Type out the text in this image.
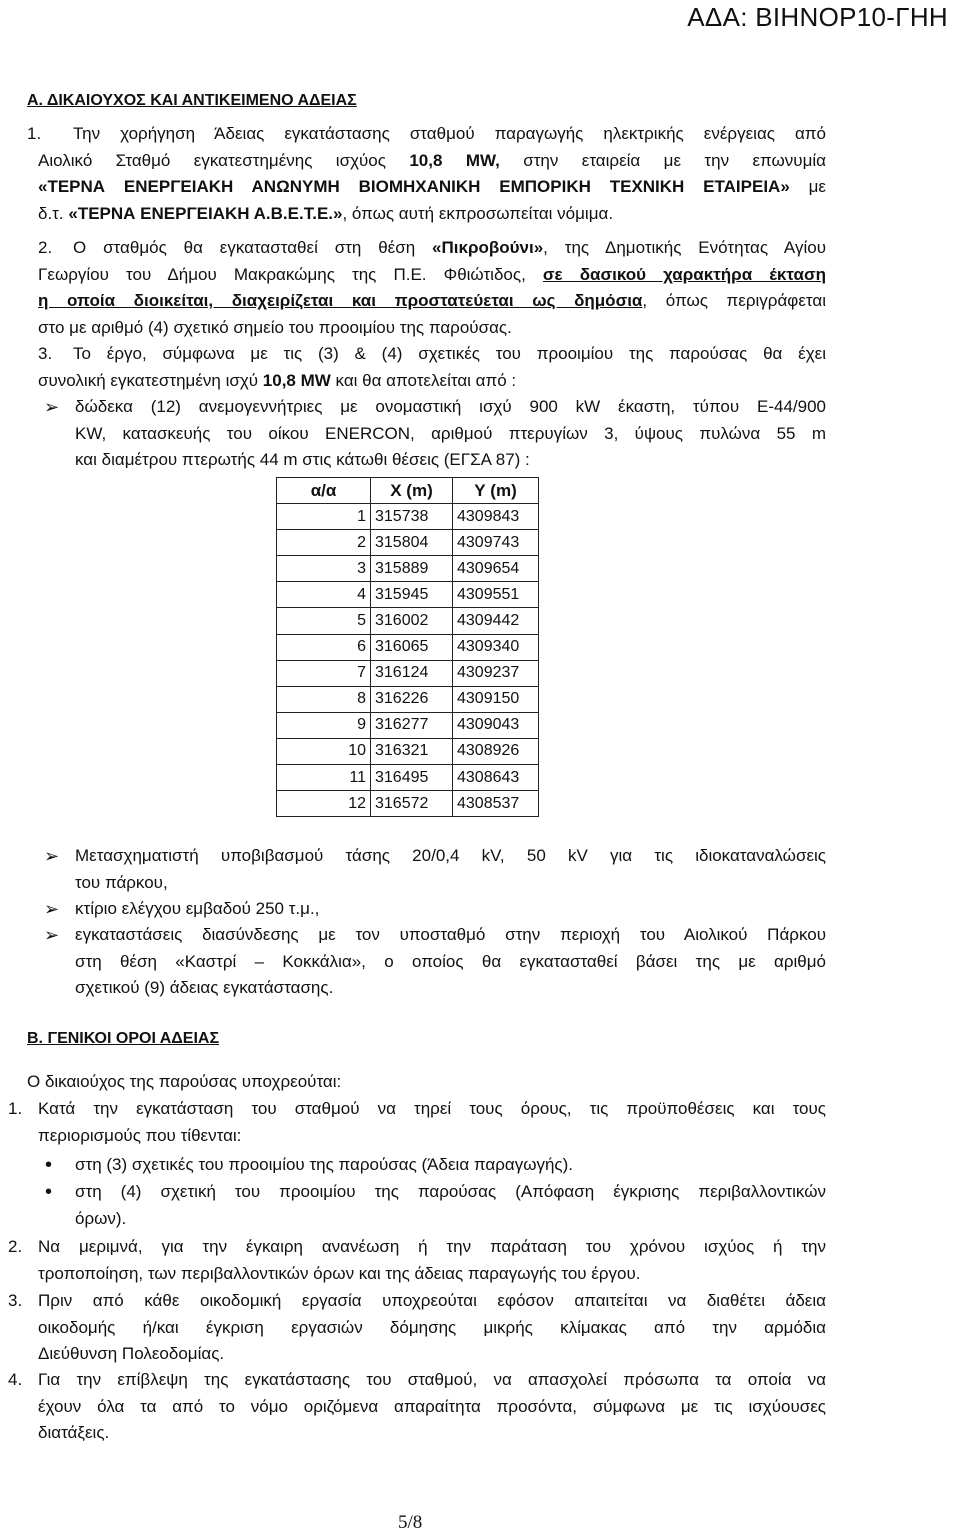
ΑΔΑ: ΒΙΗΝΟΡ10-ΓΗΗ
Α. ΔΙΚΑΙΟΥΧΟΣ ΚΑΙ ΑΝΤΙΚΕΙΜΕΝΟ ΑΔΕΙΑΣ
1.	Την χορήγηση Άδειας εγκατάστασης σταθμού παραγωγής ηλεκτρικής ενέργειας από
Αιολικό Σταθμό εγκατεστημένης ισχύος 10,8 MW, στην εταιρεία με την επωνυμία
«ΤΕΡΝΑ ΕΝΕΡΓΕΙΑΚΗ ΑΝΩΝΥΜΗ ΒΙΟΜΗΧΑΝΙΚΗ ΕΜΠΟΡΙΚΗ ΤΕΧΝΙΚΗ ΕΤΑΙΡΕΙΑ» με
δ.τ. «ΤΕΡΝΑ ΕΝΕΡΓΕΙΑΚΗ Α.Β.Ε.Τ.Ε.», όπως αυτή εκπροσωπείται νόμιμα.
2.	Ο σταθμός θα εγκατασταθεί στη θέση «Πικροβούνι», της Δημοτικής Ενότητας Αγίου
Γεωργίου του Δήμου Μακρακώμης της Π.Ε. Φθιώτιδος, σε δασικού χαρακτήρα έκταση
η οποία διοικείται, διαχειρίζεται και προστατεύεται ως δημόσια, όπως περιγράφεται
στο με αριθμό (4) σχετικό σημείο του προοιμίου της παρούσας.
3.	Το έργο, σύμφωνα με τις (3) & (4) σχετικές του προοιμίου της παρούσας θα έχει
συνολική εγκατεστημένη ισχύ 10,8 MW και θα αποτελείται από :
➢ δώδεκα (12) ανεμογεννήτριες με ονομαστική ισχύ 900 kW έκαστη, τύπου Ε-44/900
KW, κατασκευής του οίκου ENERCON, αριθμού πτερυγίων 3, ύψους πυλώνα 55 m
και διαμέτρου πτερωτής 44 m στις κάτωθι θέσεις (ΕΓΣΑ 87) :
α/α	Χ (m)	Υ (m)
1	315738	4309843
2	315804	4309743
3	315889	4309654
4	315945	4309551
5	316002	4309442
6	316065	4309340
7	316124	4309237
8	316226	4309150
9	316277	4309043
10	316321	4308926
11	316495	4308643
12	316572	4308537
➢ Μετασχηματιστή υποβιβασμού τάσης 20/0,4 kV, 50 kV για τις ιδιοκαταναλώσεις
του πάρκου,
➢ κτίριο ελέγχου εμβαδού 250 τ.μ.,
➢ εγκαταστάσεις διασύνδεσης με τον υποσταθμό στην περιοχή του Αιολικού Πάρκου
στη θέση «Καστρί – Κοκκάλια», ο οποίος θα εγκατασταθεί βάσει της με αριθμό
σχετικού (9) άδειας εγκατάστασης.
Β. ΓΕΝΙΚΟΙ ΟΡΟΙ ΑΔΕΙΑΣ
Ο δικαιούχος της παρούσας υποχρεούται:
1. Κατά την εγκατάσταση του σταθμού να τηρεί τους όρους, τις προϋποθέσεις και τους
περιορισμούς που τίθενται:
• στη (3) σχετικές του προοιμίου της παρούσας (Άδεια παραγωγής).
• στη (4) σχετική του προοιμίου της παρούσας (Απόφαση έγκρισης περιβαλλοντικών
όρων).
2. Να μεριμνά, για την έγκαιρη ανανέωση ή την παράταση του χρόνου ισχύος ή την
τροποποίηση, των περιβαλλοντικών όρων και της άδειας παραγωγής του έργου.
3. Πριν από κάθε οικοδομική εργασία υποχρεούται εφόσον απαιτείται να διαθέτει άδεια
οικοδομής ή/και έγκριση εργασιών δόμησης μικρής κλίμακας από την αρμόδια
Διεύθυνση Πολεοδομίας.
4. Για την επίβλεψη της εγκατάστασης του σταθμού, να απασχολεί πρόσωπα τα οποία να
έχουν όλα τα από το νόμο οριζόμενα απαραίτητα προσόντα, σύμφωνα με τις ισχύουσες
διατάξεις.
5/8
